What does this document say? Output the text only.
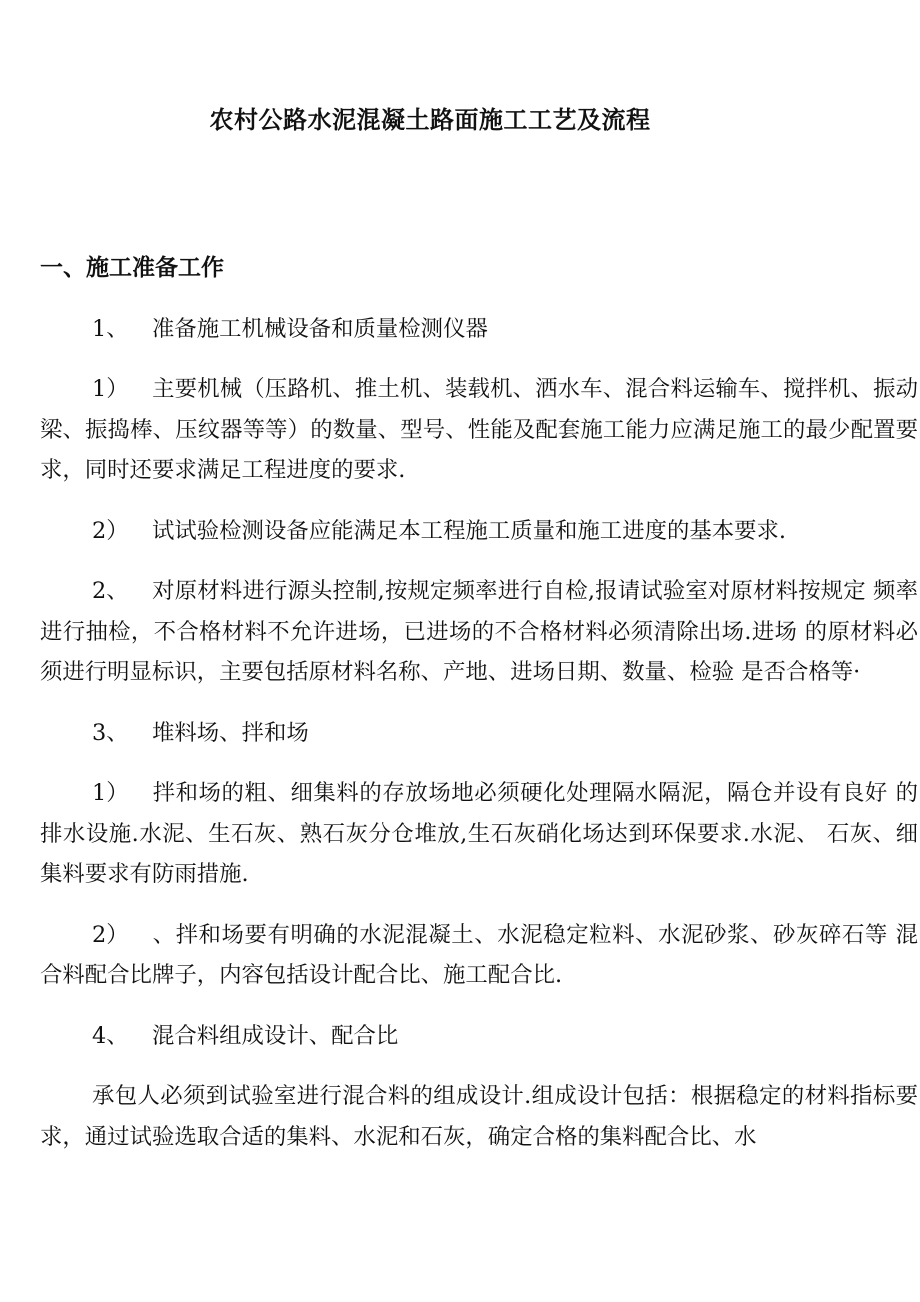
农村公路水泥混凝土路面施工工艺及流程

一、施工准备工作

1、 准备施工机械设备和质量检测仪器

1） 主要机械（压路机、推土机、装载机、洒水车、混合料运输车、搅拌机、振动梁、振捣棒、压纹器等等）的数量、型号、性能及配套施工能力应满足施工的最少配置要求，同时还要求满足工程进度的要求.

2） 试试验检测设备应能满足本工程施工质量和施工进度的基本要求.

2、 对原材料进行源头控制,按规定频率进行自检,报请试验室对原材料按规定 频率进行抽检，不合格材料不允许进场，已进场的不合格材料必须清除出场.进场 的原材料必须进行明显标识，主要包括原材料名称、产地、进场日期、数量、检验 是否合格等·

3、 堆料场、拌和场

1） 拌和场的粗、细集料的存放场地必须硬化处理隔水隔泥，隔仓并设有良好 的排水设施.水泥、生石灰、熟石灰分仓堆放,生石灰硝化场达到环保要求.水泥、 石灰、细集料要求有防雨措施.

2） 、拌和场要有明确的水泥混凝土、水泥稳定粒料、水泥砂浆、砂灰碎石等 混合料配合比牌子，内容包括设计配合比、施工配合比.

4、 混合料组成设计、配合比

承包人必须到试验室进行混合料的组成设计.组成设计包括：根据稳定的材料指标要求，通过试验选取合适的集料、水泥和石灰，确定合格的集料配合比、水
